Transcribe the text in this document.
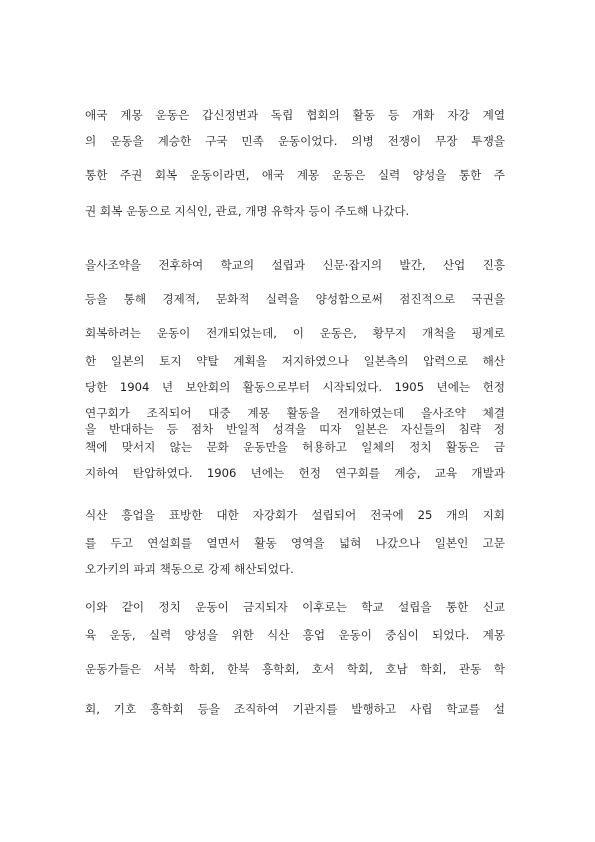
애국 계몽 운동은 갑신정변과 독립 협회의 활동 등 개화 자강 계열
의 운동을 계승한 구국 민족 운동이었다. 의병 전쟁이 무장 투쟁을
통한 주권 회복 운동이라면, 애국 계몽 운동은 실력 양성을 통한 주
권 회복 운동으로 지식인, 관료, 개명 유학자 등이 주도해 나갔다.
을사조약을 전후하여 학교의 설립과 신문·잡지의 발간, 산업 진흥
등을 통해 경제적, 문화적 실력을 양성함으로써 점진적으로 국권을
회복하려는 운동이 전개되었는데, 이 운동은, 황무지 개척을 핑계로
한 일본의 토지 약탈 계획을 저지하였으나 일본측의 압력으로 해산
당한 1904 년 보안회의 활동으로부터 시작되었다. 1905 년에는 헌정
연구회가 조직되어 대중 계몽 활동을 전개하였는데 을사조약 체결
을 반대하는 등 점차 반일적 성격을 띠자 일본은 자신들의 침략 정
책에 맞서지 않는 문화 운동만을 허용하고 일체의 정치 활동은 금
지하여 탄압하였다. 1906 년에는 헌정 연구회를 계승, 교육 개발과
식산 흥업을 표방한 대한 자강회가 설립되어 전국에 25 개의 지회
를 두고 연설회를 열면서 활동 영역을 넓혀 나갔으나 일본인 고문
오가키의 파괴 책동으로 강제 해산되었다.
이와 같이 정치 운동이 금지되자 이후로는 학교 설립을 통한 신교
육 운동, 실력 양성을 위한 식산 흥업 운동이 중심이 되었다. 계몽
운동가들은 서북 학회, 한북 흥학회, 호서 학회, 호남 학회, 관동 학
회, 기호 흥학회 등을 조직하여 기관지를 발행하고 사립 학교를 설
